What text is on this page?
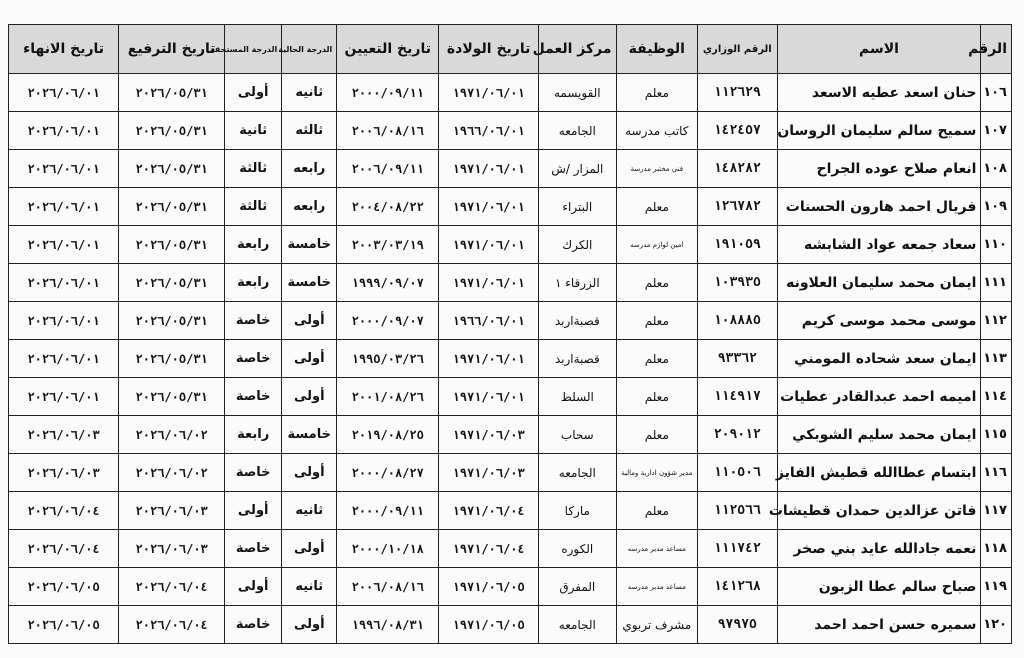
الرقم	الاسم	الرقم الوزاري	الوظيفة	مركز العمل	تاريخ الولادة	تاريخ التعيين	الدرجة الحالية	الدرجة المستحقة	تاريخ الترفيع	تاريخ الانهاء
١٠٦	حنان اسعد عطيه الاسعد	١١٢٦٢٩	معلم	القويسمه	١٩٧١/٠٦/٠١	٢٠٠٠/٠٩/١١	ثانيه	أولى	٢٠٢٦/٠٥/٣١	٢٠٢٦/٠٦/٠١
١٠٧	سميح سالم سليمان الروسان	١٤٢٤٥٧	كاتب مدرسه	الجامعه	١٩٦٦/٠٦/٠١	٢٠٠٦/٠٨/١٦	ثالثه	ثانية	٢٠٢٦/٠٥/٣١	٢٠٢٦/٠٦/٠١
١٠٨	انعام صلاح عوده الجراح	١٤٨٢٨٢	فني مختبر مدرسة	المزار /ش	١٩٧١/٠٦/٠١	٢٠٠٦/٠٩/١١	رابعه	ثالثة	٢٠٢٦/٠٥/٣١	٢٠٢٦/٠٦/٠١
١٠٩	فريال احمد هارون الحسنات	١٢٦٧٨٢	معلم	البتراء	١٩٧١/٠٦/٠١	٢٠٠٤/٠٨/٢٢	رابعه	ثالثة	٢٠٢٦/٠٥/٣١	٢٠٢٦/٠٦/٠١
١١٠	سعاد جمعه عواد الشابشه	١٩١٠٥٩	امين لوازم مدرسه	الكرك	١٩٧١/٠٦/٠١	٢٠٠٣/٠٣/١٩	خامسة	رابعة	٢٠٢٦/٠٥/٣١	٢٠٢٦/٠٦/٠١
١١١	ايمان محمد سليمان العلاونه	١٠٣٩٣٥	معلم	الزرقاء ١	١٩٧١/٠٦/٠١	١٩٩٩/٠٩/٠٧	خامسة	رابعة	٢٠٢٦/٠٥/٣١	٢٠٢٦/٠٦/٠١
١١٢	موسى محمد موسى كريم	١٠٨٨٨٥	معلم	قصبةاربد	١٩٦٦/٠٦/٠١	٢٠٠٠/٠٩/٠٧	أولى	خاصة	٢٠٢٦/٠٥/٣١	٢٠٢٦/٠٦/٠١
١١٣	ايمان سعد شحاده المومني	٩٣٣٦٢	معلم	قصبةاربد	١٩٧١/٠٦/٠١	١٩٩٥/٠٣/٢٦	أولى	خاصة	٢٠٢٦/٠٥/٣١	٢٠٢٦/٠٦/٠١
١١٤	اميمه احمد عبدالقادر عطيات	١١٤٩١٧	معلم	السلط	١٩٧١/٠٦/٠١	٢٠٠١/٠٨/٢٦	أولى	خاصة	٢٠٢٦/٠٥/٣١	٢٠٢٦/٠٦/٠١
١١٥	ايمان محمد سليم الشوبكي	٢٠٩٠١٢	معلم	سحاب	١٩٧١/٠٦/٠٣	٢٠١٩/٠٨/٢٥	خامسة	رابعة	٢٠٢٦/٠٦/٠٢	٢٠٢٦/٠٦/٠٣
١١٦	ابتسام عطاالله قطيش الفايز	١١٠٥٠٦	مدير شؤون ادارية ومالية	الجامعه	١٩٧١/٠٦/٠٣	٢٠٠٠/٠٨/٢٧	أولى	خاصة	٢٠٢٦/٠٦/٠٢	٢٠٢٦/٠٦/٠٣
١١٧	فاتن عزالدين حمدان قطيشات	١١٢٥٦٦	معلم	ماركا	١٩٧١/٠٦/٠٤	٢٠٠٠/٠٩/١١	ثانيه	أولى	٢٠٢٦/٠٦/٠٣	٢٠٢٦/٠٦/٠٤
١١٨	نعمه جادالله عايد بني صخر	١١١٧٤٢	مساعد مدير مدرسه	الكوره	١٩٧١/٠٦/٠٤	٢٠٠٠/١٠/١٨	أولى	خاصة	٢٠٢٦/٠٦/٠٣	٢٠٢٦/٠٦/٠٤
١١٩	صباح سالم عطا الزبون	١٤١٢٦٨	مساعد مدير مدرسه	المفرق	١٩٧١/٠٦/٠٥	٢٠٠٦/٠٨/١٦	ثانيه	أولى	٢٠٢٦/٠٦/٠٤	٢٠٢٦/٠٦/٠٥
١٢٠	سميره حسن احمد احمد	٩٧٩٧٥	مشرف تربوي	الجامعه	١٩٧١/٠٦/٠٥	١٩٩٦/٠٨/٣١	أولى	خاصة	٢٠٢٦/٠٦/٠٤	٢٠٢٦/٠٦/٠٥
